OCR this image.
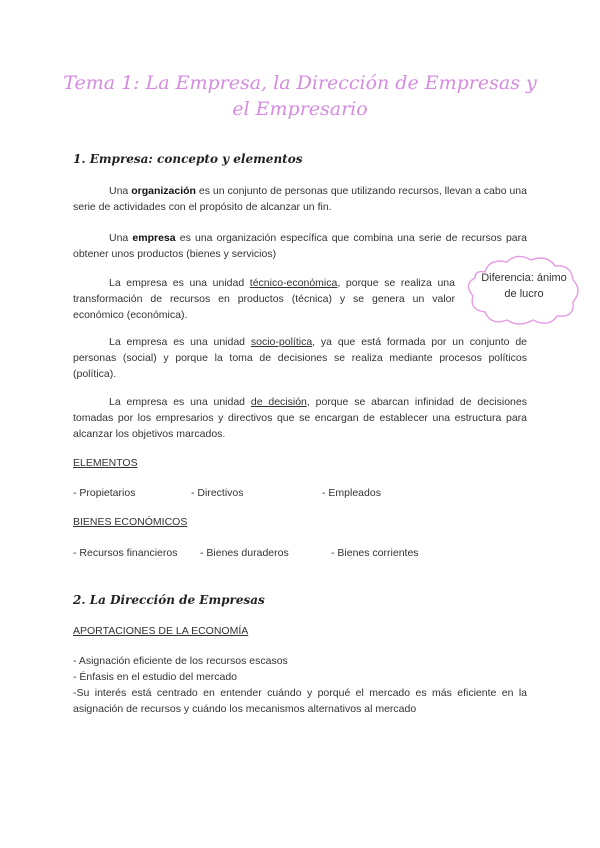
Tema 1: La Empresa, la Dirección de Empresas y el Empresario
1. Empresa: concepto y elementos
Una organización es un conjunto de personas que utilizando recursos, llevan a cabo una serie de actividades con el propósito de alcanzar un fin.
Una empresa es una organización específica que combina una serie de recursos para obtener unos productos (bienes y servicios)
La empresa es una unidad técnico-económica, porque se realiza una transformación de recursos en productos (técnica) y se genera un valor económico (económica).
La empresa es una unidad socio-política, ya que está formada por un conjunto de personas (social) y porque la toma de decisiones se realiza mediante procesos políticos (política).
La empresa es una unidad de decisión, porque se abarcan infinidad de decisiones tomadas por los empresarios y directivos que se encargan de establecer una estructura para alcanzar los objetivos marcados.
Diferencia: ánimo de lucro
ELEMENTOS
- Propietarios	- Directivos	- Empleados
BIENES ECONÓMICOS
- Recursos financieros - Bienes duraderos	- Bienes corrientes
2. La Dirección de Empresas
APORTACIONES DE LA ECONOMÍA
- Asignación eficiente de los recursos escasos
- Énfasis en el estudio del mercado
-Su interés está centrado en entender cuándo y porqué el mercado es más eficiente en la asignación de recursos y cuándo los mecanismos alternativos al mercado
